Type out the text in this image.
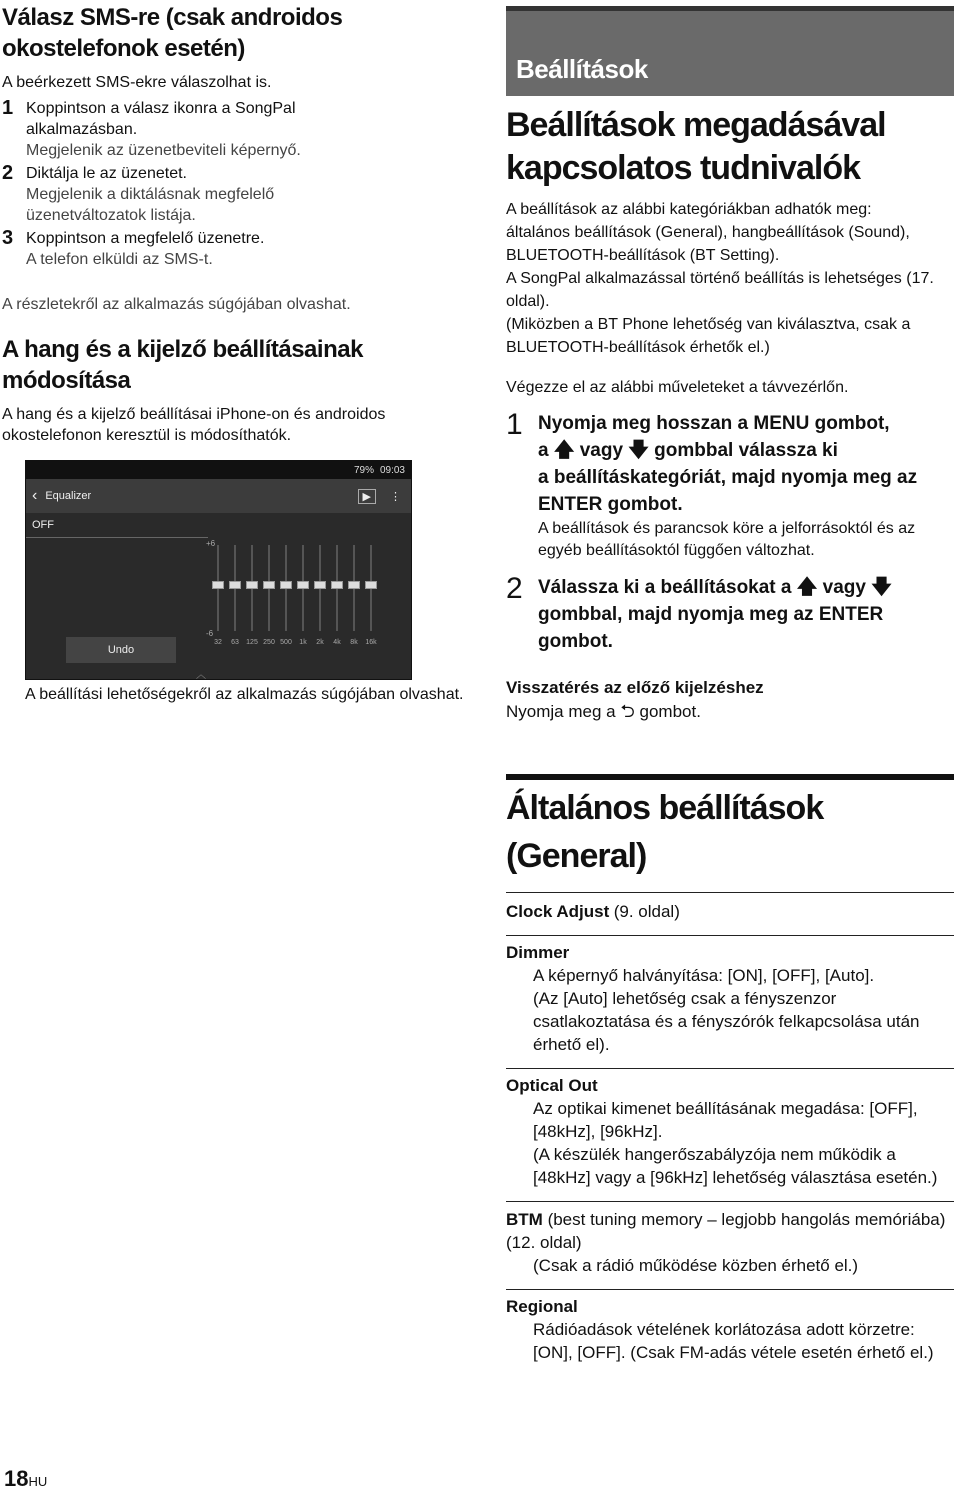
Válasz SMS-re (csak androidos okostelefonok esetén)

A beérkezett SMS-ekre válaszolhat is.

1 Koppintson a válasz ikonra a SongPal alkalmazásban.
Megjelenik az üzenetbeviteli képernyő.
2 Diktálja le az üzenetet.
Megjelenik a diktálásnak megfelelő üzenetváltozatok listája.
3 Koppintson a megfelelő üzenetre.
A telefon elküldi az SMS-t.

A részletekről az alkalmazás súgójában olvashat.

A hang és a kijelző beállításainak módosítása

A hang és a kijelző beállításai iPhone-on és androidos okostelefonon keresztül is módosíthatók.

A beállítási lehetőségekről az alkalmazás súgójában olvashat.

79% 09:03
‹ Equalizer	▶	⋮
OFF
+6
-6
32	63	125 250 500	1k	2k	4k	8k	16k
Undo
︿
Beállítások
Beállítások megadásával kapcsolatos tudnivalók
A beállítások az alábbi kategóriákban adhatók meg:
általános beállítások (General), hangbeállítások (Sound), BLUETOOTH-beállítások (BT Setting).
A SongPal alkalmazással történő beállítás is lehetséges (17. oldal).
(Miközben a BT Phone lehetőség van kiválasztva, csak a BLUETOOTH-beállítások érhetők el.)
Végezze el az alábbi műveleteket a távvezérlőn.
1 Nyomja meg hosszan a MENU gombot,
a 🡅 vagy 🡇 gombbal válassza ki
a beállításkategóriát, majd nyomja meg az ENTER gombot.
A beállítások és parancsok köre a jelforrásoktól és az egyéb beállításoktól függően változhat.
2 Válassza ki a beállításokat a 🡅 vagy 🡇
gombbal, majd nyomja meg az ENTER gombot.
Visszatérés az előző kijelzéshez
Nyomja meg a ⮌ gombot.
Általános beállítások (General)
Clock Adjust (9. oldal)
Dimmer
A képernyő halványítása: [ON], [OFF], [Auto].
(Az [Auto] lehetőség csak a fényszenzor csatlakoztatása és a fényszórók felkapcsolása után érhető el).
Optical Out
Az optikai kimenet beállításának megadása: [OFF], [48kHz], [96kHz].
(A készülék hangerőszabályzója nem működik a [48kHz] vagy a [96kHz] lehetőség választása esetén.)
BTM (best tuning memory – legjobb hangolás memóriába) (12. oldal)
(Csak a rádió működése közben érhető el.)
Regional
Rádióadások vételének korlátozása adott körzetre: [ON], [OFF]. (Csak FM-adás vétele esetén érhető el.)
18HU
